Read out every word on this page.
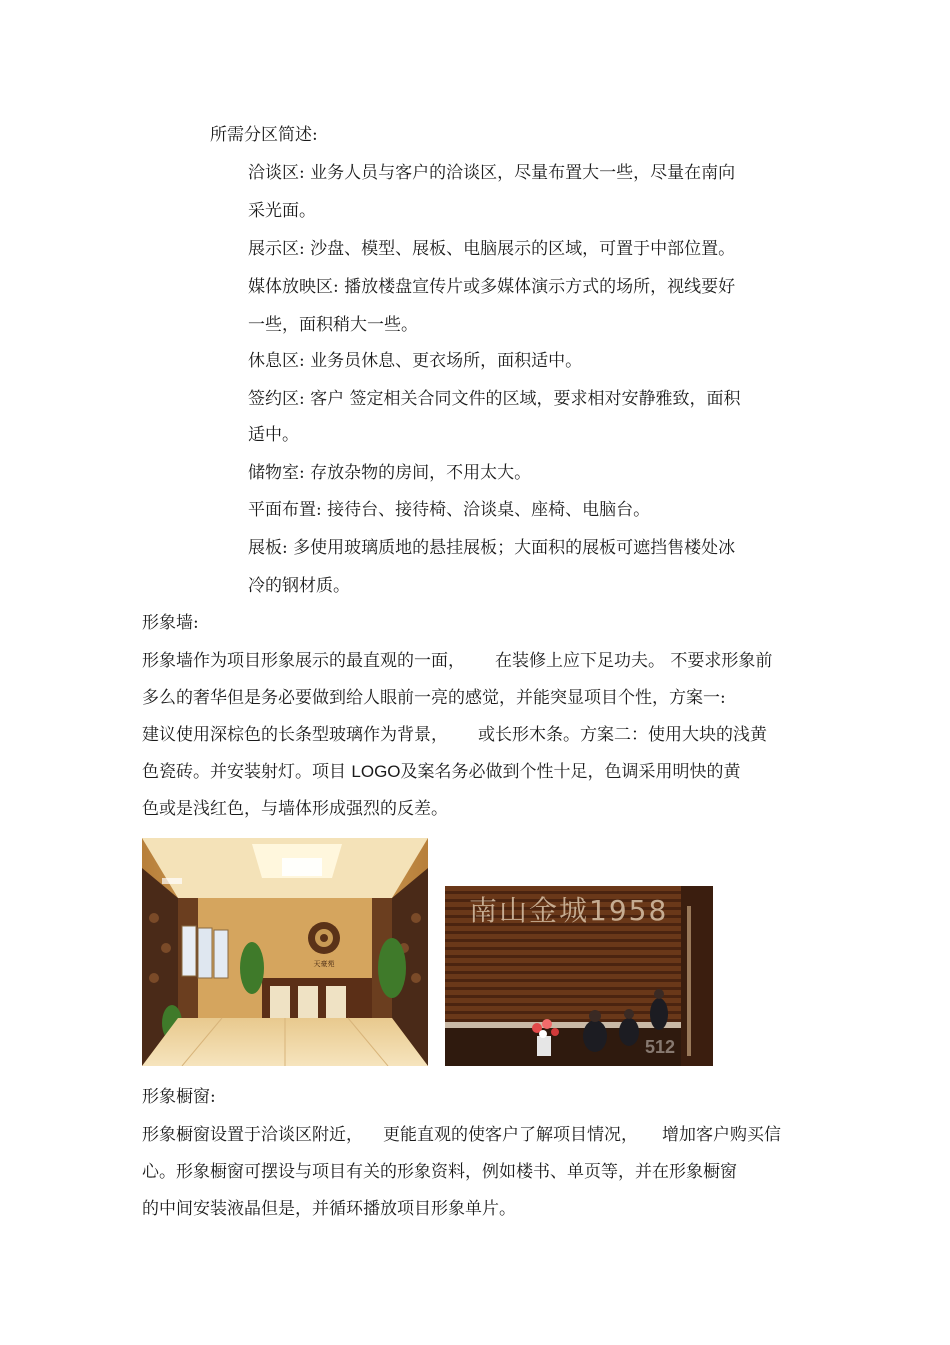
所需分区简述:
洽谈区: 业务人员与客户的洽谈区，尽量布置大一些，尽量在南向
采光面。
展示区: 沙盘、模型、展板、电脑展示的区域，可置于中部位置。
媒体放映区: 播放楼盘宣传片或多媒体演示方式的场所，视线要好
一些，面积稍大一些。
休息区: 业务员休息、更衣场所，面积适中。
签约区: 客户 签定相关合同文件的区域，要求相对安静雅致，面积
适中。
储物室: 存放杂物的房间，不用太大。
平面布置: 接待台、接待椅、洽谈桌、座椅、电脑台。
展板: 多使用玻璃质地的悬挂展板；大面积的展板可遮挡售楼处冰
冷的钢材质。
形象墙:
形象墙作为项目形象展示的最直观的一面， 在装修上应下足功夫。 不要求形象前
多么的奢华但是务必要做到给人眼前一亮的感觉，并能突显项目个性，方案一:
建议使用深棕色的长条型玻璃作为背景， 或长形木条。方案二：使用大块的浅黄
色瓷砖。并安装射灯。项目 LOGO及案名务必做到个性十足，色调采用明快的黄
色或是浅红色，与墙体形成强烈的反差。
天豪苑
南山金城1958
512
形象橱窗:
形象橱窗设置于洽谈区附近， 更能直观的使客户了解项目情况， 增加客户购买信
心。形象橱窗可摆设与项目有关的形象资料，例如楼书、单页等，并在形象橱窗
的中间安装液晶但是，并循环播放项目形象单片。
